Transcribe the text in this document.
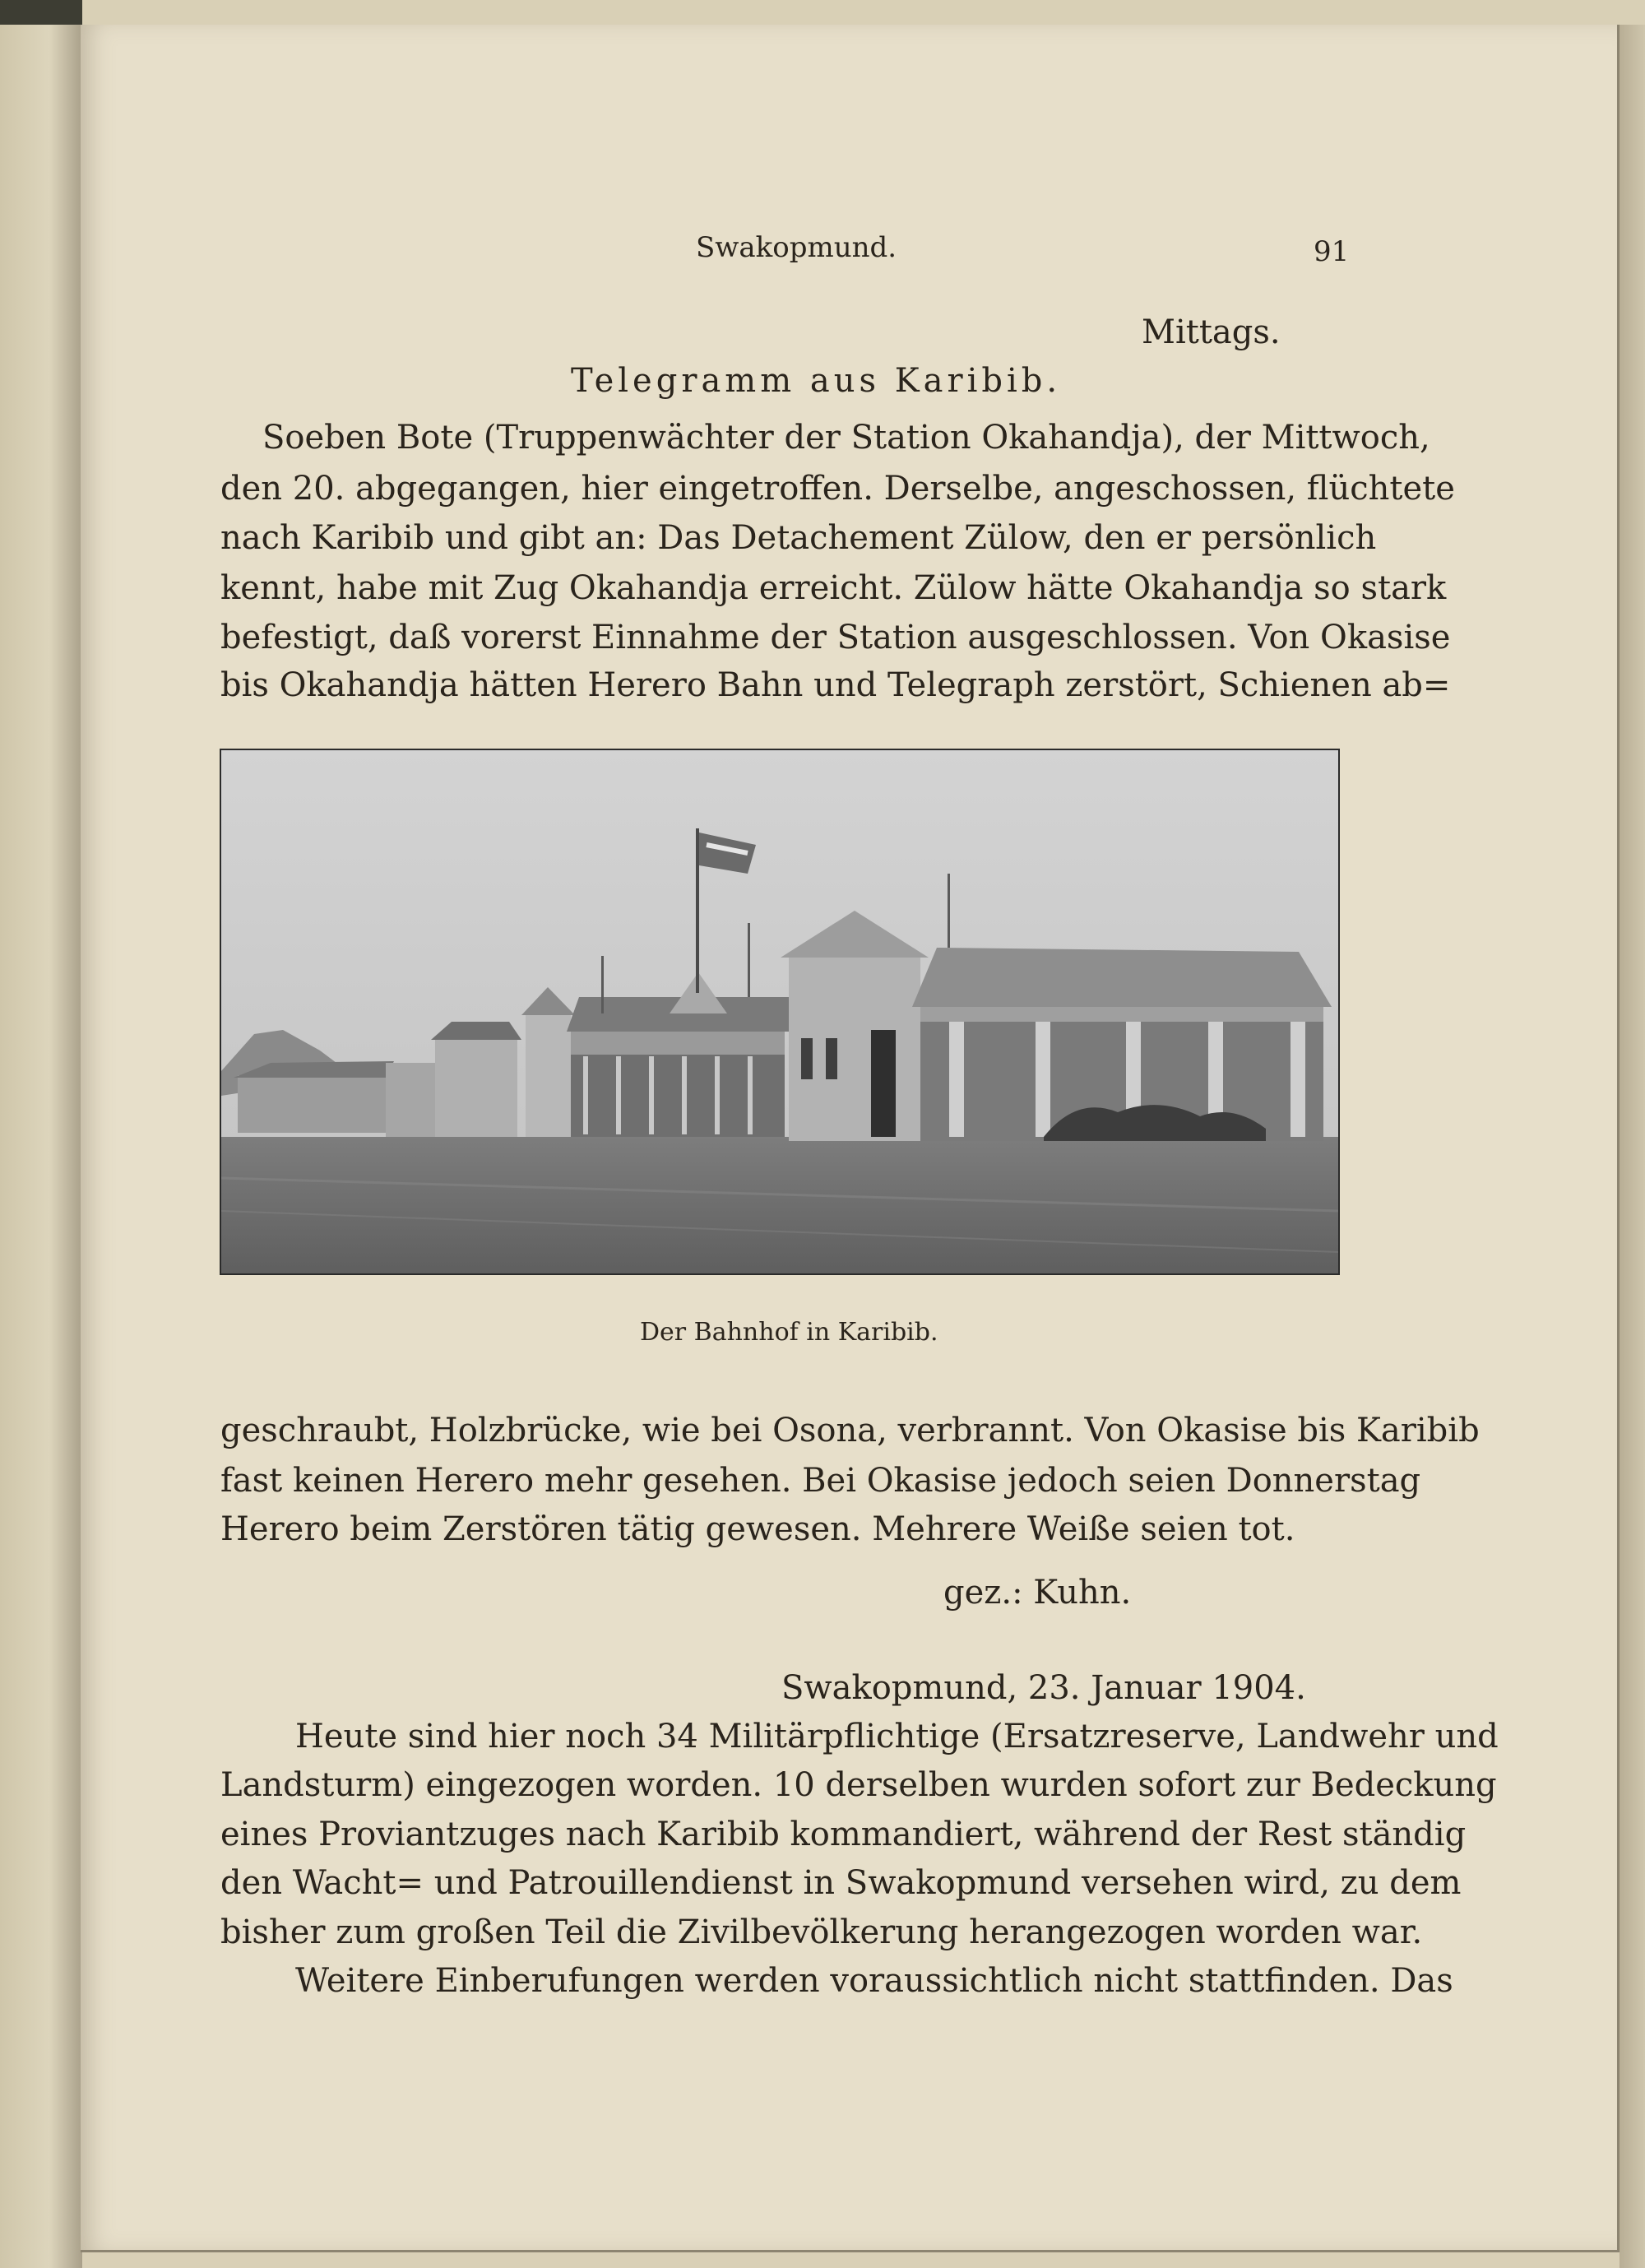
Swakopmund.	91
Mittags.
Telegramm aus Karibib.
Soeben Bote (Truppenwächter der Station Okahandja), der Mittwoch,
den 20. abgegangen, hier eingetroffen. Derselbe, angeschossen, flüchtete
nach Karibib und gibt an: Das Detachement Zülow, den er persönlich
kennt, habe mit Zug Okahandja erreicht. Zülow hätte Okahandja so stark
befestigt, daß vorerst Einnahme der Station ausgeschlossen. Von Okasise
bis Okahandja hätten Herero Bahn und Telegraph zerstört, Schienen ab=
Der Bahnhof in Karibib.
geschraubt, Holzbrücke, wie bei Osona, verbrannt. Von Okasise bis Karibib
fast keinen Herero mehr gesehen. Bei Okasise jedoch seien Donnerstag
Herero beim Zerstören tätig gewesen. Mehrere Weiße seien tot.
gez.: Kuhn.
Swakopmund, 23. Januar 1904.
Heute sind hier noch 34 Militärpflichtige (Ersatzreserve, Landwehr und
Landsturm) eingezogen worden. 10 derselben wurden sofort zur Bedeckung
eines Proviantzuges nach Karibib kommandiert, während der Rest ständig
den Wacht= und Patrouillendienst in Swakopmund versehen wird, zu dem
bisher zum großen Teil die Zivilbevölkerung herangezogen worden war.
Weitere Einberufungen werden voraussichtlich nicht stattfinden. Das
